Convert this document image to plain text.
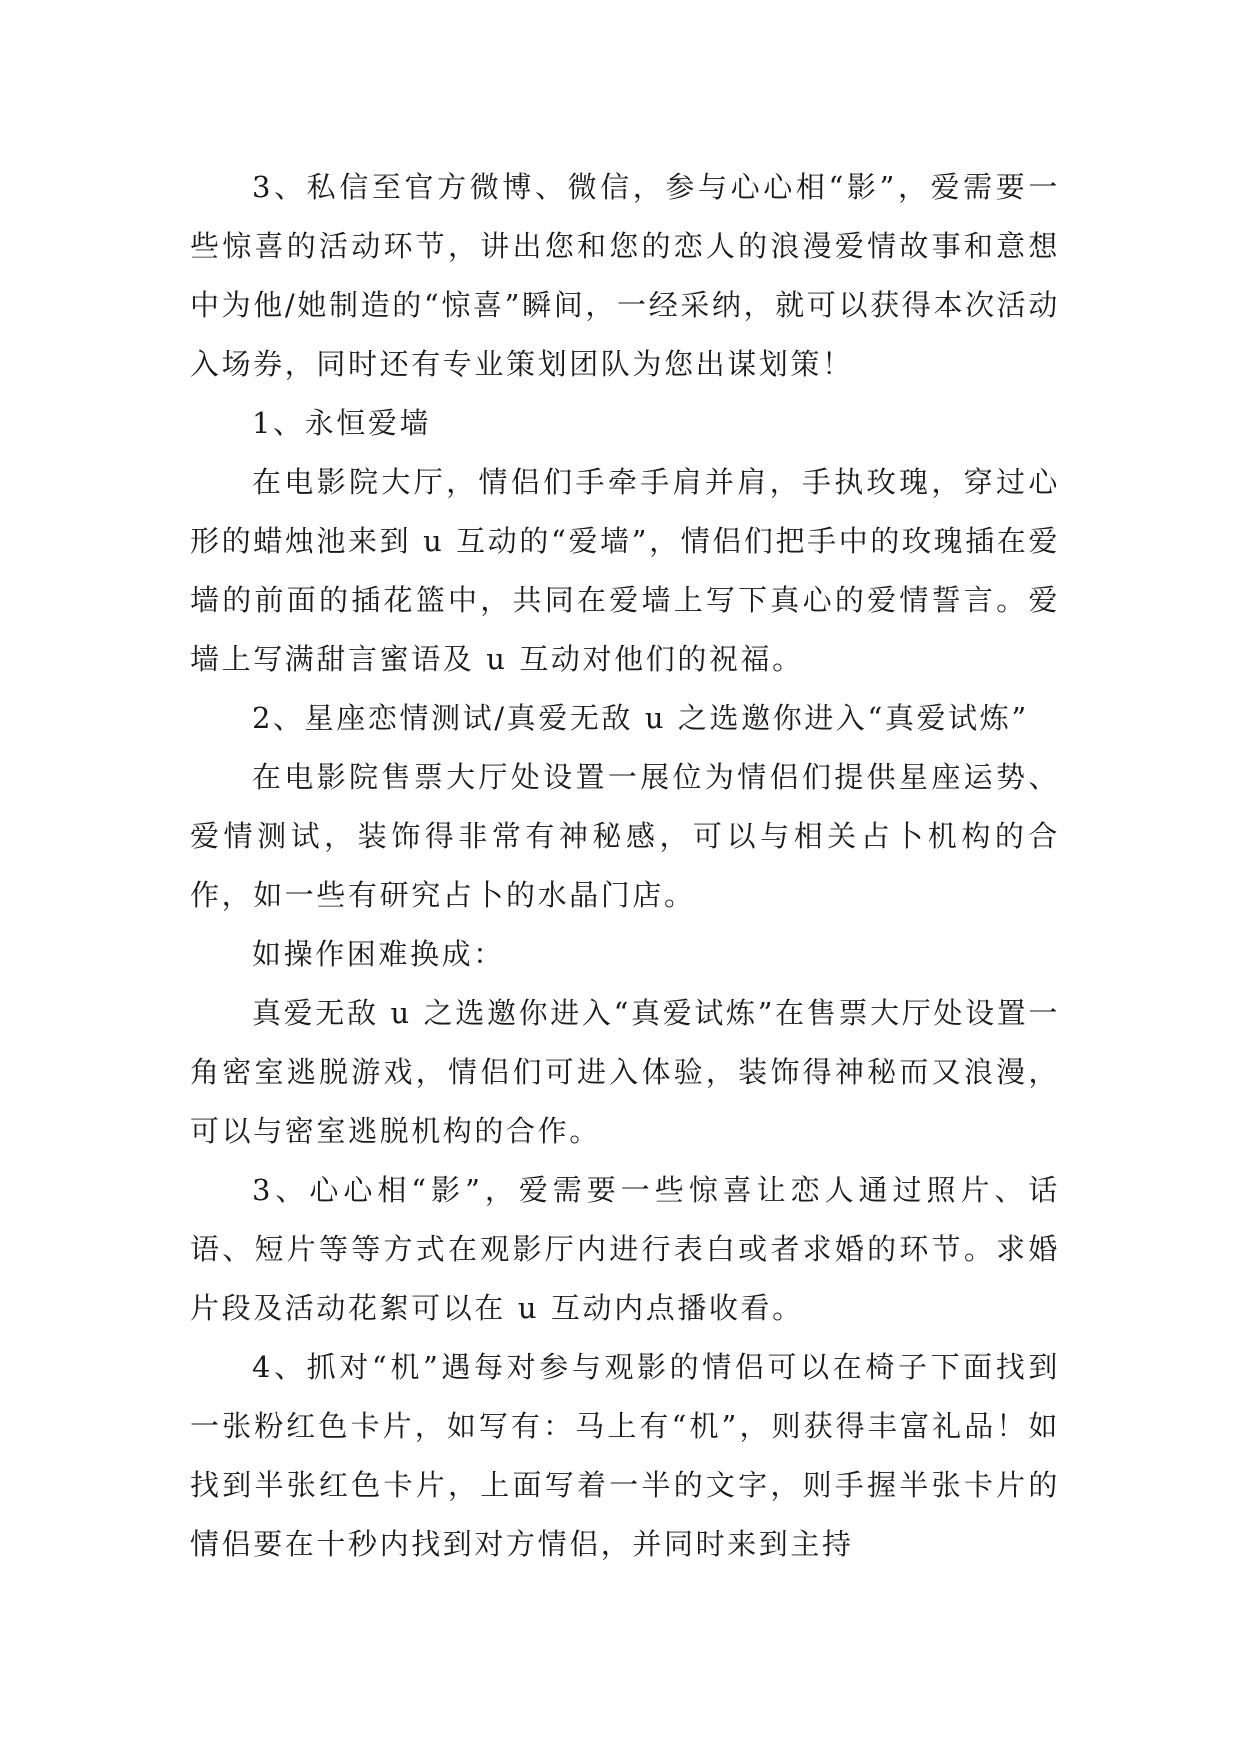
3、私信至官方微博、微信，参与心心相“影”，爱需要一些惊喜的活动环节，讲出您和您的恋人的浪漫爱情故事和意想中为他/她制造的“惊喜”瞬间，一经采纳，就可以获得本次活动入场券，同时还有专业策划团队为您出谋划策！

1、永恒爱墙

在电影院大厅，情侣们手牵手肩并肩，手执玫瑰，穿过心形的蜡烛池来到 u 互动的“爱墙”，情侣们把手中的玫瑰插在爱墙的前面的插花篮中，共同在爱墙上写下真心的爱情誓言。爱墙上写满甜言蜜语及 u 互动对他们的祝福。

2、星座恋情测试/真爱无敌 u 之选邀你进入“真爱试炼”

在电影院售票大厅处设置一展位为情侣们提供星座运势、爱情测试，装饰得非常有神秘感，可以与相关占卜机构的合作，如一些有研究占卜的水晶门店。

如操作困难换成：

真爱无敌 u 之选邀你进入“真爱试炼”在售票大厅处设置一角密室逃脱游戏，情侣们可进入体验，装饰得神秘而又浪漫，可以与密室逃脱机构的合作。

3、心心相“影”，爱需要一些惊喜让恋人通过照片、话语、短片等等方式在观影厅内进行表白或者求婚的环节。求婚片段及活动花絮可以在 u 互动内点播收看。

4、抓对“机”遇每对参与观影的情侣可以在椅子下面找到一张粉红色卡片，如写有：马上有“机”，则获得丰富礼品！如找到半张红色卡片，上面写着一半的文字，则手握半张卡片的情侣要在十秒内找到对方情侣，并同时来到主持
